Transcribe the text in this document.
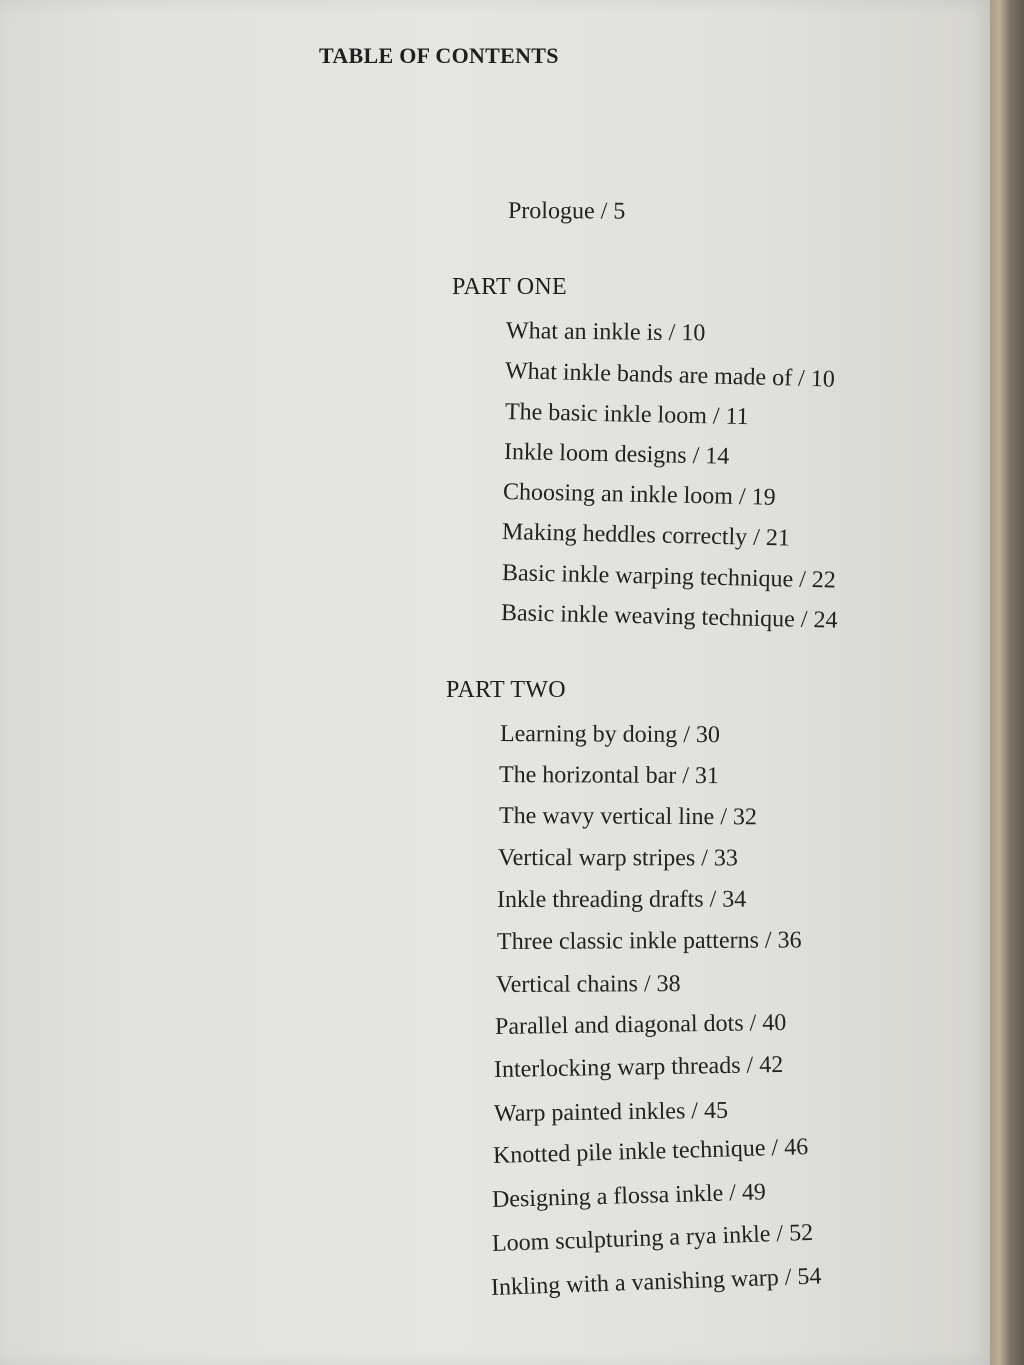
TABLE OF CONTENTS
Prologue / 5
PART ONE
What an inkle is / 10
What inkle bands are made of / 10
The basic inkle loom / 11
Inkle loom designs / 14
Choosing an inkle loom / 19
Making heddles correctly / 21
Basic inkle warping technique / 22
Basic inkle weaving technique / 24
PART TWO
Learning by doing / 30
The horizontal bar / 31
The wavy vertical line / 32
Vertical warp stripes / 33
Inkle threading drafts / 34
Three classic inkle patterns / 36
Vertical chains / 38
Parallel and diagonal dots / 40
Interlocking warp threads / 42
Warp painted inkles / 45
Knotted pile inkle technique / 46
Designing a flossa inkle / 49
Loom sculpturing a rya inkle / 52
Inkling with a vanishing warp / 54
